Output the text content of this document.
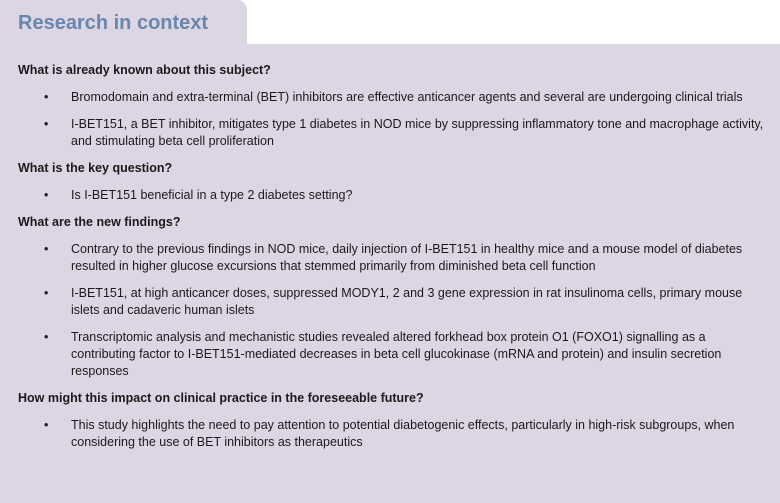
Research in context
What is already known about this subject?
• Bromodomain and extra-terminal (BET) inhibitors are effective anticancer agents and several are undergoing clinical trials
• I-BET151, a BET inhibitor, mitigates type 1 diabetes in NOD mice by suppressing inflammatory tone and macrophage activity, and stimulating beta cell proliferation
What is the key question?
• Is I-BET151 beneficial in a type 2 diabetes setting?
What are the new findings?
• Contrary to the previous findings in NOD mice, daily injection of I-BET151 in healthy mice and a mouse model of diabetes resulted in higher glucose excursions that stemmed primarily from diminished beta cell function
• I-BET151, at high anticancer doses, suppressed MODY1, 2 and 3 gene expression in rat insulinoma cells, primary mouse islets and cadaveric human islets
• Transcriptomic analysis and mechanistic studies revealed altered forkhead box protein O1 (FOXO1) signalling as a contributing factor to I-BET151-mediated decreases in beta cell glucokinase (mRNA and protein) and insulin secretion responses
How might this impact on clinical practice in the foreseeable future?
• This study highlights the need to pay attention to potential diabetogenic effects, particularly in high-risk subgroups, when considering the use of BET inhibitors as therapeutics
